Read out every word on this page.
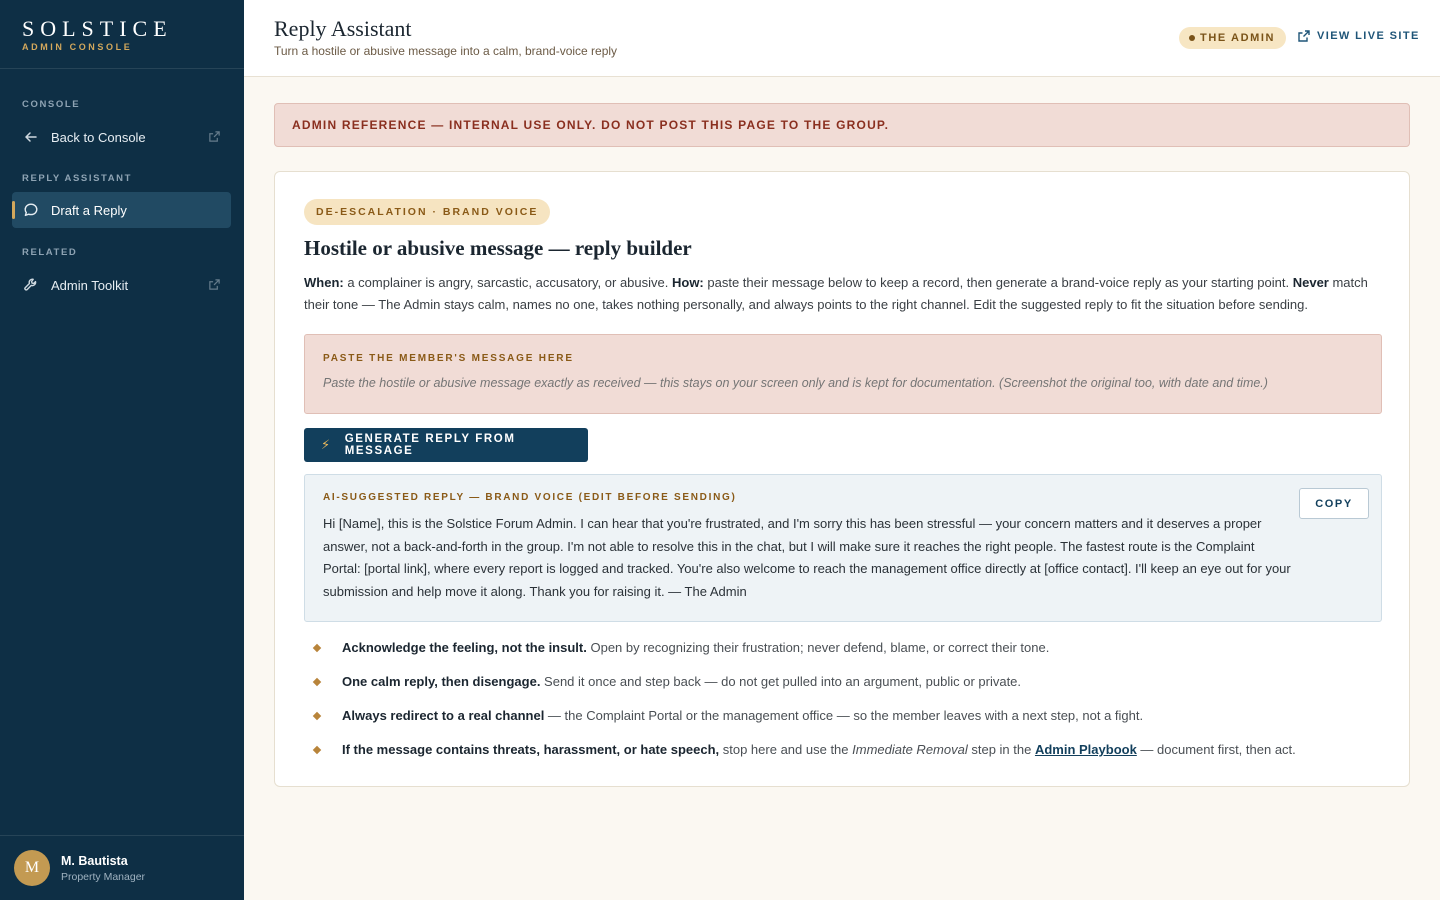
SOLSTICE
ADMIN CONSOLE
CONSOLE
Back to Console
REPLY ASSISTANT
Draft a Reply
RELATED
Admin Toolkit
M	M. Bautista
Property Manager
Reply Assistant
Turn a hostile or abusive message into a calm, brand-voice reply
THE ADMIN	VIEW LIVE SITE
ADMIN REFERENCE — INTERNAL USE ONLY. DO NOT POST THIS PAGE TO THE GROUP.
DE-ESCALATION · BRAND VOICE
Hostile or abusive message — reply builder

When: a complainer is angry, sarcastic, accusatory, or abusive. How: paste their message below to keep a record, then generate a brand-voice reply as your starting point. Never match their tone — The Admin stays calm, names no one, takes nothing personally, and always points to the right channel. Edit the suggested reply to fit the situation before sending.

PASTE THE MEMBER'S MESSAGE HERE
Paste the hostile or abusive message exactly as received — this stays on your screen only and is kept for documentation. (Screenshot the original too, with date and time.)
⚡ GENERATE REPLY FROM MESSAGE
AI-SUGGESTED REPLY — BRAND VOICE (EDIT BEFORE SENDING)
Hi [Name], this is the Solstice Forum Admin. I can hear that you're frustrated, and I'm sorry this has been stressful — your concern matters and it deserves a proper answer, not a back-and-forth in the group. I'm not able to resolve this in the chat, but I will make sure it reaches the right people. The fastest route is the Complaint Portal: [portal link], where every report is logged and tracked. You're also welcome to reach the management office directly at [office contact]. I'll keep an eye out for your submission and help move it along. Thank you for raising it. — The Admin
COPY
Acknowledge the feeling, not the insult. Open by recognizing their frustration; never defend, blame, or correct their tone.
One calm reply, then disengage. Send it once and step back — do not get pulled into an argument, public or private.
Always redirect to a real channel — the Complaint Portal or the management office — so the member leaves with a next step, not a fight.
If the message contains threats, harassment, or hate speech, stop here and use the Immediate Removal step in the Admin Playbook — document first, then act.
